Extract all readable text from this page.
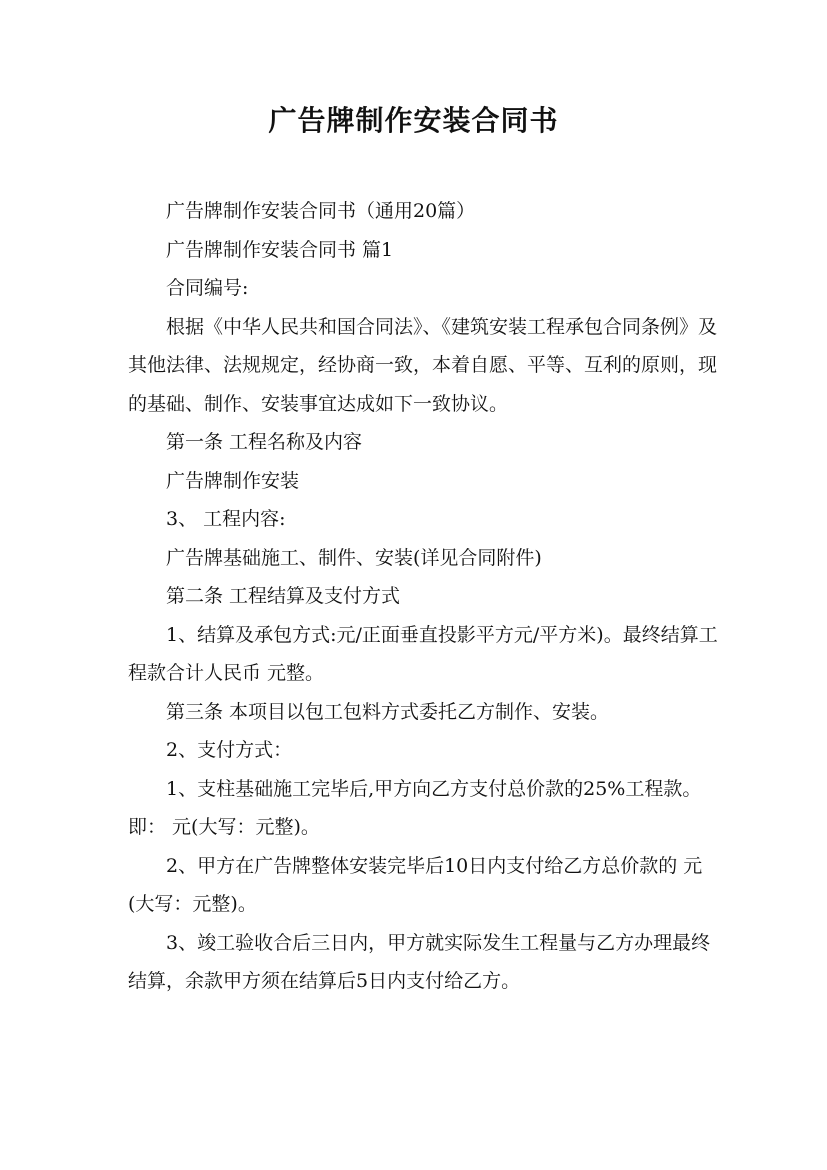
广告牌制作安装合同书

广告牌制作安装合同书（通用20篇）

广告牌制作安装合同书 篇1

合同编号:

根据《中华人民共和国合同法》、《建筑安装工程承包合同条例》及其他法律、法规规定，经协商一致，本着自愿、平等、互利的原则，现的基础、制作、安装事宜达成如下一致协议。

第一条 工程名称及内容

广告牌制作安装

3、 工程内容:

广告牌基础施工、制件、安装(详见合同附件)

第二条 工程结算及支付方式

1、结算及承包方式:元/正面垂直投影平方元/平方米)。最终结算工程款合计人民币 元整。

第三条 本项目以包工包料方式委托乙方制作、安装。

2、支付方式：

1、支柱基础施工完毕后,甲方向乙方支付总价款的25%工程款。即： 元(大写：元整)。

2、甲方在广告牌整体安装完毕后10日内支付给乙方总价款的 元(大写：元整)。

3、竣工验收合后三日内，甲方就实际发生工程量与乙方办理最终结算，余款甲方须在结算后5日内支付给乙方。
